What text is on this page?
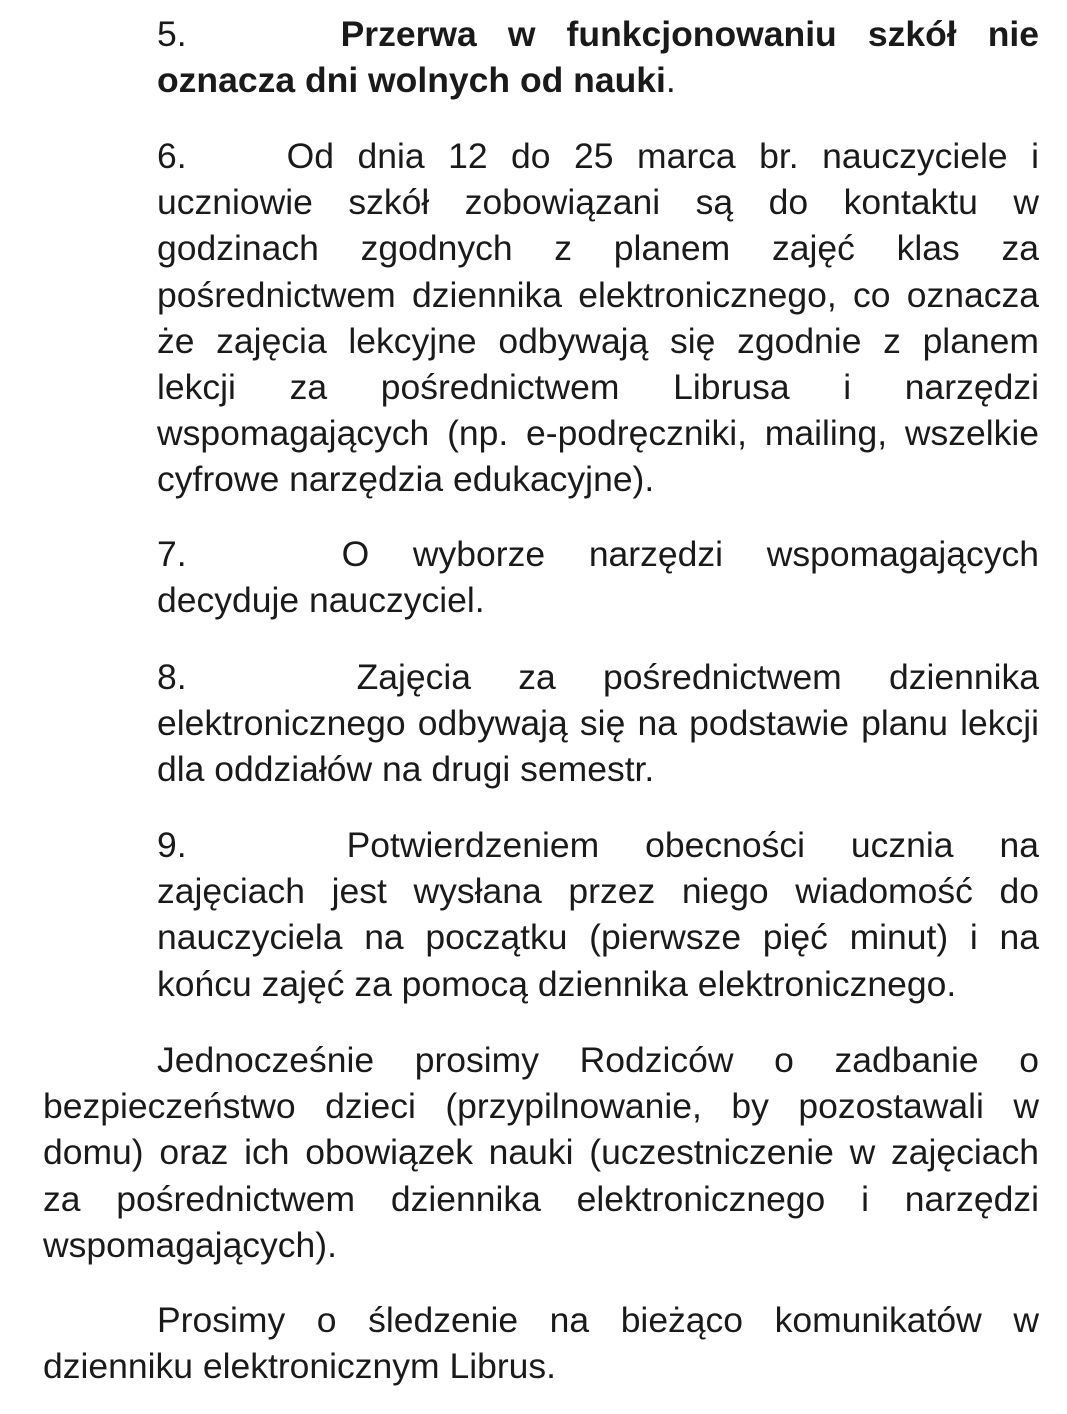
5.	Przerwa w funkcjonowaniu szkół nie oznacza dni wolnych od nauki.
6.	Od dnia 12 do 25 marca br. nauczyciele i uczniowie szkół zobowiązani są do kontaktu w godzinach zgodnych z planem zajęć klas za pośrednictwem dziennika elektronicznego, co oznacza że zajęcia lekcyjne odbywają się zgodnie z planem lekcji za pośrednictwem Librusa i narzędzi wspomagających (np. e-podręczniki, mailing, wszelkie cyfrowe narzędzia edukacyjne).
7.	O wyborze narzędzi wspomagających decyduje nauczyciel.
8.	Zajęcia za pośrednictwem dziennika elektronicznego odbywają się na podstawie planu lekcji dla oddziałów na drugi semestr.
9.	Potwierdzeniem obecności ucznia na zajęciach jest wysłana przez niego wiadomość do nauczyciela na początku (pierwsze pięć minut) i na końcu zajęć za pomocą dziennika elektronicznego.
Jednocześnie prosimy Rodziców o zadbanie o bezpieczeństwo dzieci (przypilnowanie, by pozostawali w domu) oraz ich obowiązek nauki (uczestniczenie w zajęciach za pośrednictwem dziennika elektronicznego i narzędzi wspomagających).
Prosimy o śledzenie na bieżąco komunikatów w dzienniku elektronicznym Librus.
